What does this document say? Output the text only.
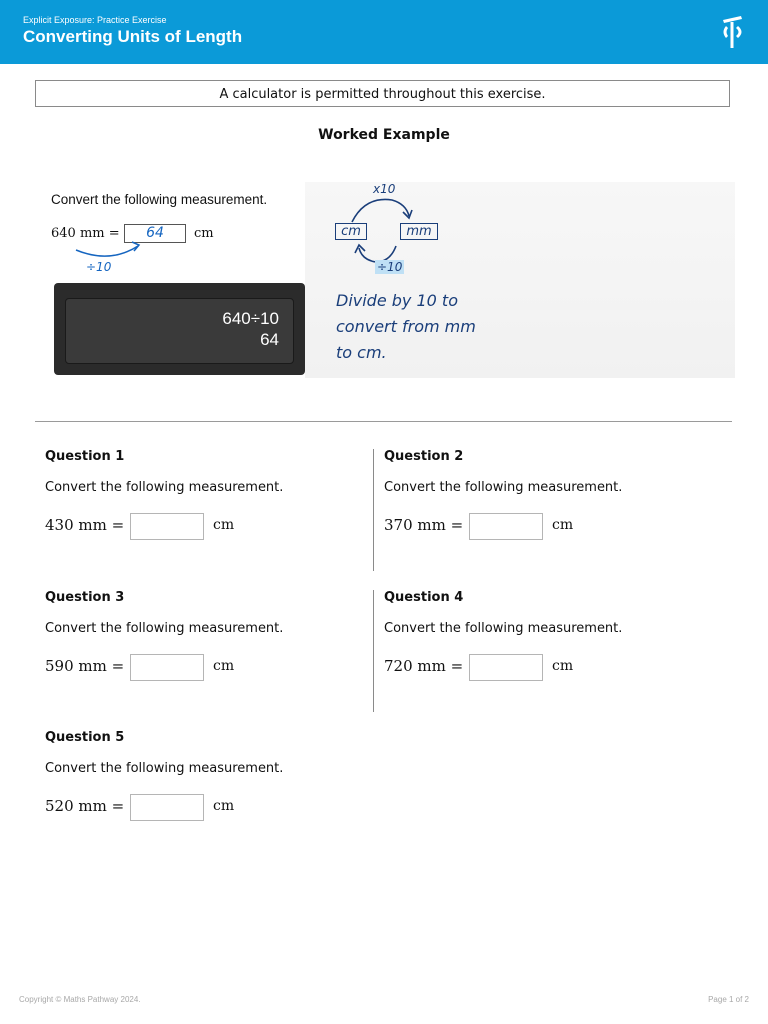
Explicit Exposure: Practice Exercise
Converting Units of Length
A calculator is permitted throughout this exercise.
Worked Example
Convert the following measurement.
640 mm =	64	cm
÷10
x10
cm	mm
÷10
Divide by 10 to convert from mm to cm.
640÷10
64
Question 1
Convert the following measurement.
430 mm =	cm
Question 2
Convert the following measurement.
370 mm =	cm
Question 3
Convert the following measurement.
590 mm =	cm
Question 4
Convert the following measurement.
720 mm =	cm
Question 5
Convert the following measurement.
520 mm =	cm
Copyright © Maths Pathway 2024.	Page 1 of 2
